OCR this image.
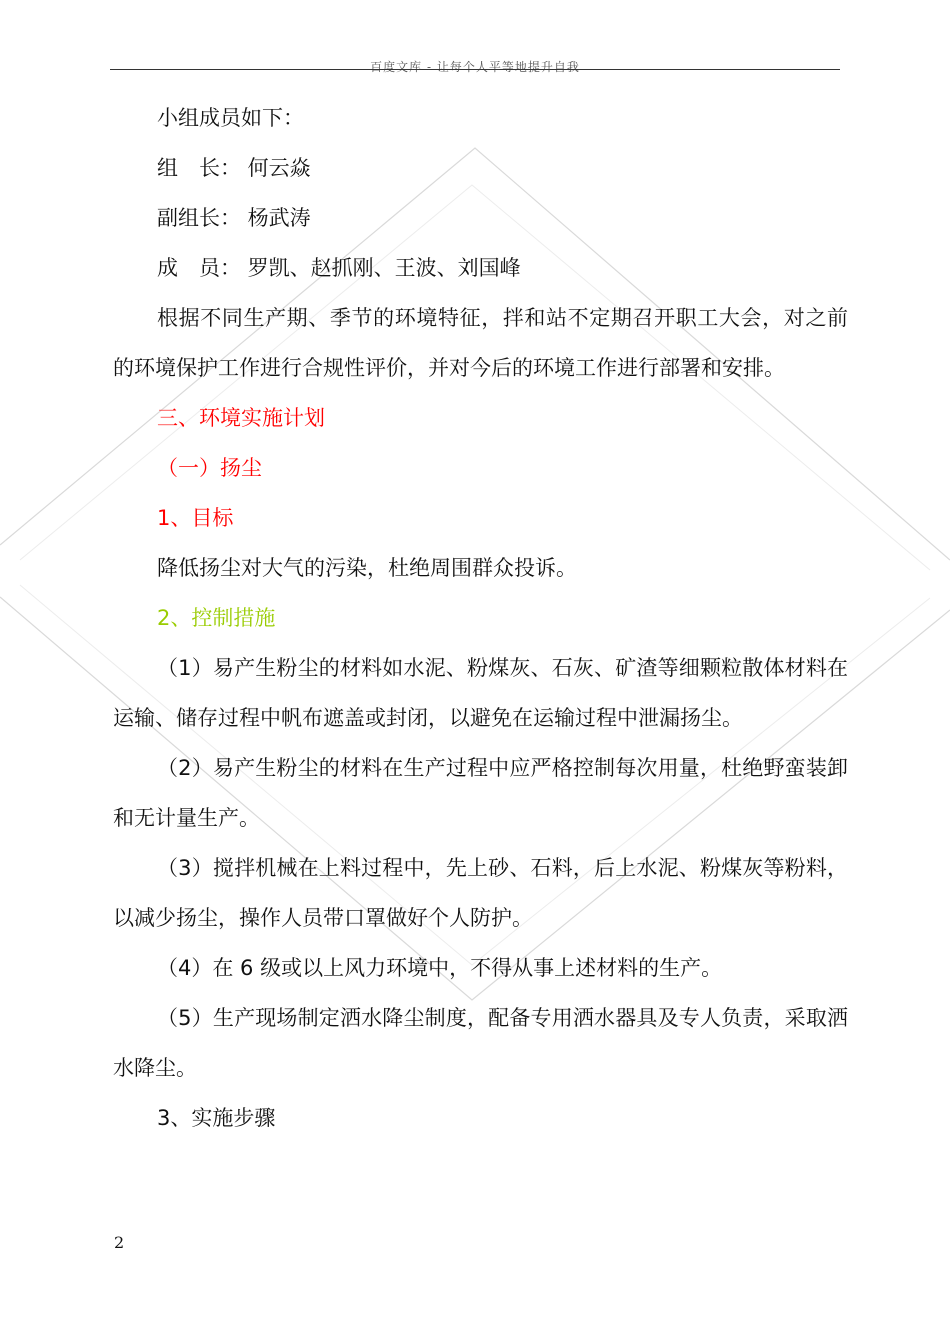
百度文库 - 让每个人平等地提升自我

小组成员如下：

组　长： 何云焱

副组长： 杨武涛

成　员： 罗凯、赵抓刚、王波、刘国峰

根据不同生产期、季节的环境特征，拌和站不定期召开职工大会，对之前的环境保护工作进行合规性评价，并对今后的环境工作进行部署和安排。

三、环境实施计划

（一）扬尘

1、目标

降低扬尘对大气的污染，杜绝周围群众投诉。

2、控制措施

（1）易产生粉尘的材料如水泥、粉煤灰、石灰、矿渣等细颗粒散体材料在运输、储存过程中帆布遮盖或封闭，以避免在运输过程中泄漏扬尘。

（2）易产生粉尘的材料在生产过程中应严格控制每次用量，杜绝野蛮装卸和无计量生产。

（3）搅拌机械在上料过程中，先上砂、石料，后上水泥、粉煤灰等粉料，以减少扬尘，操作人员带口罩做好个人防护。

（4）在 6 级或以上风力环境中，不得从事上述材料的生产。

（5）生产现场制定洒水降尘制度，配备专用洒水器具及专人负责，采取洒水降尘。

3、实施步骤

2
